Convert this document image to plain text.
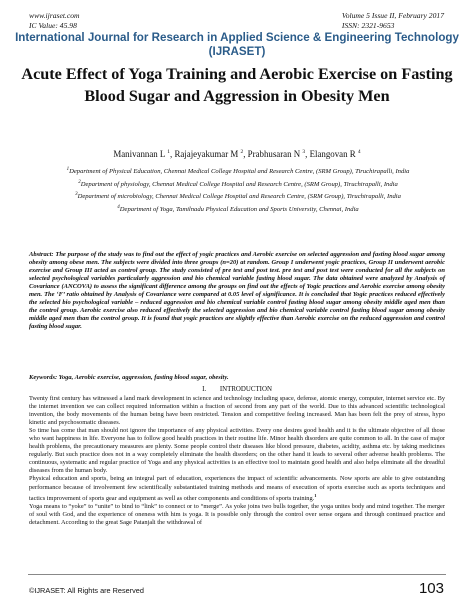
www.ijraset.com
IC Value: 45.98
Volume 5 Issue II, February 2017
ISSN: 2321-9653
International Journal for Research in Applied Science & Engineering Technology (IJRASET)
Acute Effect of Yoga Training and Aerobic Exercise on Fasting Blood Sugar and Aggression in Obesity Men
Manivannan L $^1$, Rajajeyakumar M $^2$, Prabhusaran N $^3$, Elangovan R $^4$
$^1$Department of Physical Education, Chennai Medical College Hospital and Research Centre, (SRM Group), Tiruchirapalli, India
$^2$Department of physiology, Chennai Medical College Hospital and Research Centre, (SRM Group), Tiruchirapalli, India
$^3$Department of microbiology, Chennai Medical College Hospital and Research Centre, (SRM Group), Tiruchirapalli, India
$^4$Department of Yoga, Tamilnadu Physical Education and Sports University, Chennai, India
Abstract: The purpose of the study was to find out the effect of yogic practices and Aerobic exercise on selected aggression and fasting blood sugar among obesity among obese men. The subjects were divided into three groups (n=20) at random. Group I underwent yogic practices, Group II underwent aerobic exercise and Group III acted as control group. The study consisted of pre test and post test. pre test and post test were conducted for all the subjects on selected psychological variables particularly aggression and bio chemical variable fasting blood sugar. The data obtained were analyzed by Analysis of Covariance (ANCOVA) to assess the significant difference among the groups on find out the effects of Yogic practices and Aerobic exercise among obesity men. The ‘F’ ratio obtained by Analysis of Covariance were compared at 0.05 level of significance. It is concluded that Yogic practices reduced effectively the selected bio psychological variable – reduced aggression and bio chemical variable control fasting blood sugar among obesity middle aged men than the control group. Aerobic exercise also reduced effectively the selected aggression and bio chemical variable control fasting blood sugar among obesity middle aged men than the control group. It is found that yogic practices are slightly effective than Aerobic exercise on the reduced aggression and control fasting blood sugar.
Keywords: Yoga, Aerobic exercise, aggression, fasting blood sugar, obesity.
I.        INTRODUCTION

Twenty first century has witnessed a land mark development in science and technology including space, defense, atomic energy, computer, internet service etc. By the internet invention we can collect required information within a fraction of second from any part of the world. Due to this advanced scientific technological invention, the body movements of the human being have been restricted. Tension and competitive feeling increased. Man has been felt the prey of stress, hypo kinetic and psychosomatic diseases.

So time has come that man should not ignore the importance of any physical activities. Every one desires good health and it is the ultimate objective of all those who want happiness in life. Everyone has to follow good health practices in their routine life. Minor health disorders are quite common to all. In the case of major health problems, the precautionary measures are plenty. Some people control their diseases like blood pressure, diabetes, acidity, asthma etc. by taking medicines regularly. But such practice does not in a way completely eliminate the health disorders; on the other hand it leads to several other adverse health problems. The continuous, systematic and regular practice of Yoga and any physical activities is an effective tool to maintain good health and also helps eliminate all the dreadful diseases from the human body.

Physical education and sports, being an integral part of education, experiences the impact of scientific advancements. Now sports are able to give outstanding performance because of involvement few scientifically substantiated training methods and means of execution of sports exercise such as sports techniques and tactics improvement of sports gear and equipment as well as other components and conditions of sports training.$^1$

Yoga means to “yoke” to “unite” to bind to “link” to connect or to “merge”. As yoke joins two bulls together, the yoga unites body and mind together. The merger of soul with God, and the experience of oneness with him is yoga. It is possible only through the control over sense organs and through continued practice and detachment. According to the great Sage Patanjali the withdrawal of

©IJRASET: All Rights are Reserved	103
